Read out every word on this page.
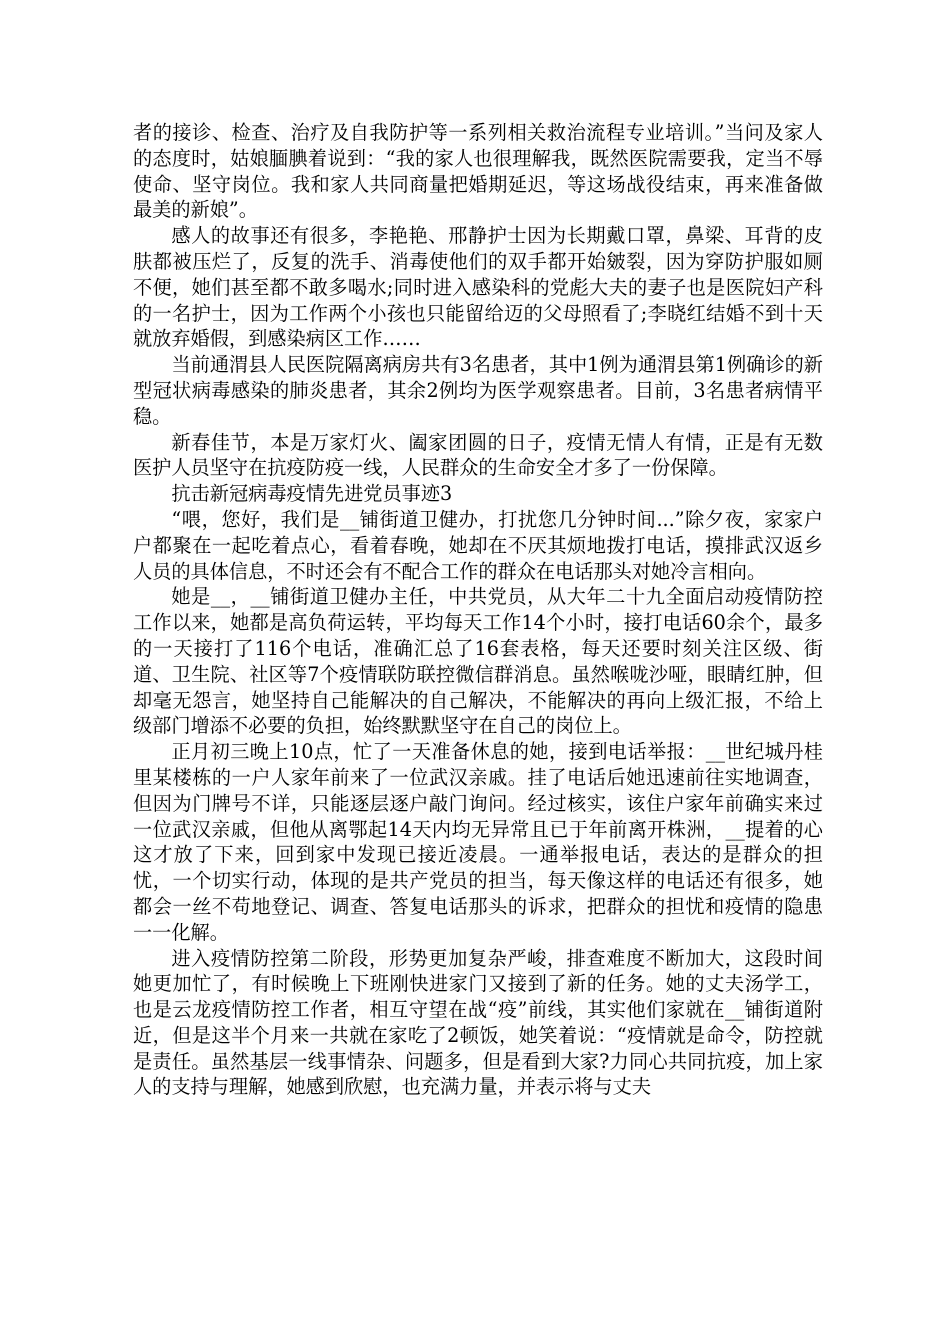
者的接诊、检查、治疗及自我防护等一系列相关救治流程专业培训。”当问及家人的态度时，姑娘腼腆着说到：“我的家人也很理解我，既然医院需要我，定当不辱使命、坚守岗位。我和家人共同商量把婚期延迟，等这场战役结束，再来准备做最美的新娘”。

感人的故事还有很多，李艳艳、邢静护士因为长期戴口罩，鼻梁、耳背的皮肤都被压烂了，反复的洗手、消毒使他们的双手都开始皴裂，因为穿防护服如厕不便，她们甚至都不敢多喝水;同时进入感染科的党彪大夫的妻子也是医院妇产科的一名护士，因为工作两个小孩也只能留给迈的父母照看了;李晓红结婚不到十天就放弃婚假，到感染病区工作……

当前通渭县人民医院隔离病房共有3名患者，其中1例为通渭县第1例确诊的新型冠状病毒感染的肺炎患者，其余2例均为医学观察患者。目前，3名患者病情平稳。

新春佳节，本是万家灯火、阖家团圆的日子，疫情无情人有情，正是有无数医护人员坚守在抗疫防疫一线，人民群众的生命安全才多了一份保障。

抗击新冠病毒疫情先进党员事迹3

“喂，您好，我们是__铺街道卫健办，打扰您几分钟时间...”除夕夜，家家户户都聚在一起吃着点心，看着春晚，她却在不厌其烦地拨打电话，摸排武汉返乡人员的具体信息，不时还会有不配合工作的群众在电话那头对她冷言相向。

她是__，__铺街道卫健办主任，中共党员，从大年二十九全面启动疫情防控工作以来，她都是高负荷运转，平均每天工作14个小时，接打电话60余个，最多的一天接打了116个电话，准确汇总了16套表格，每天还要时刻关注区级、街道、卫生院、社区等7个疫情联防联控微信群消息。虽然喉咙沙哑，眼睛红肿，但却毫无怨言，她坚持自己能解决的自己解决，不能解决的再向上级汇报，不给上级部门增添不必要的负担，始终默默坚守在自己的岗位上。

正月初三晚上10点，忙了一天准备休息的她，接到电话举报：__世纪城丹桂里某楼栋的一户人家年前来了一位武汉亲戚。挂了电话后她迅速前往实地调查，但因为门牌号不详，只能逐层逐户敲门询问。经过核实，该住户家年前确实来过一位武汉亲戚，但他从离鄂起14天内均无异常且已于年前离开株洲，__提着的心这才放了下来，回到家中发现已接近凌晨。一通举报电话，表达的是群众的担忧，一个切实行动，体现的是共产党员的担当，每天像这样的电话还有很多，她都会一丝不苟地登记、调查、答复电话那头的诉求，把群众的担忧和疫情的隐患一一化解。

进入疫情防控第二阶段，形势更加复杂严峻，排查难度不断加大，这段时间她更加忙了，有时候晚上下班刚快进家门又接到了新的任务。她的丈夫汤学工，也是云龙疫情防控工作者，相互守望在战“疫”前线，其实他们家就在__铺街道附近，但是这半个月来一共就在家吃了2顿饭，她笑着说：“疫情就是命令，防控就是责任。虽然基层一线事情杂、问题多，但是看到大家?力同心共同抗疫，加上家人的支持与理解，她感到欣慰，也充满力量，并表示将与丈夫
